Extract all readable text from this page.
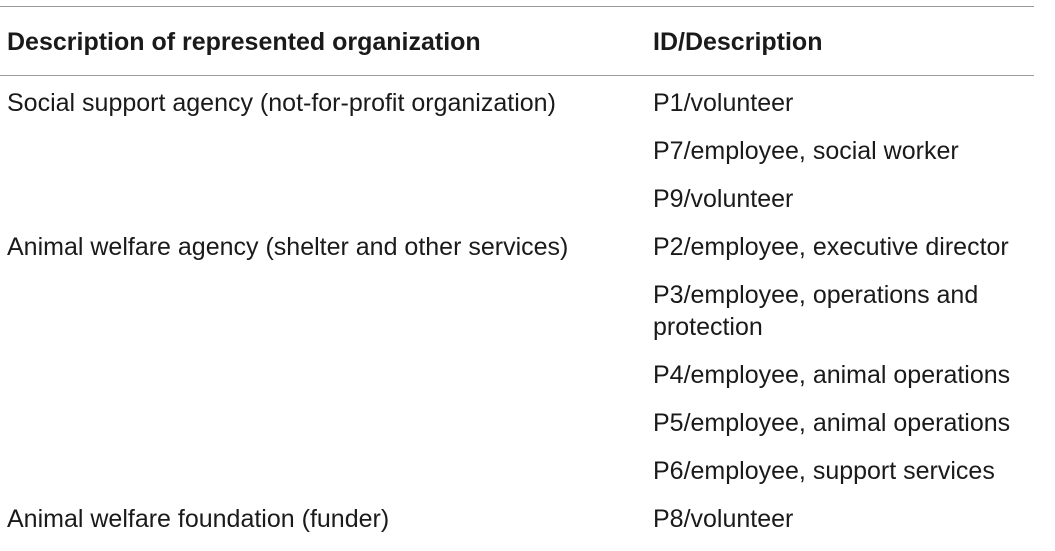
Description of represented organization	ID/Description
Social support agency (not-for-profit organization)	P1/volunteer
	P7/employee, social worker
	P9/volunteer
Animal welfare agency (shelter and other services)	P2/employee, executive director
	P3/employee, operations and protection
	P4/employee, animal operations
	P5/employee, animal operations
	P6/employee, support services
Animal welfare foundation (funder)	P8/volunteer
